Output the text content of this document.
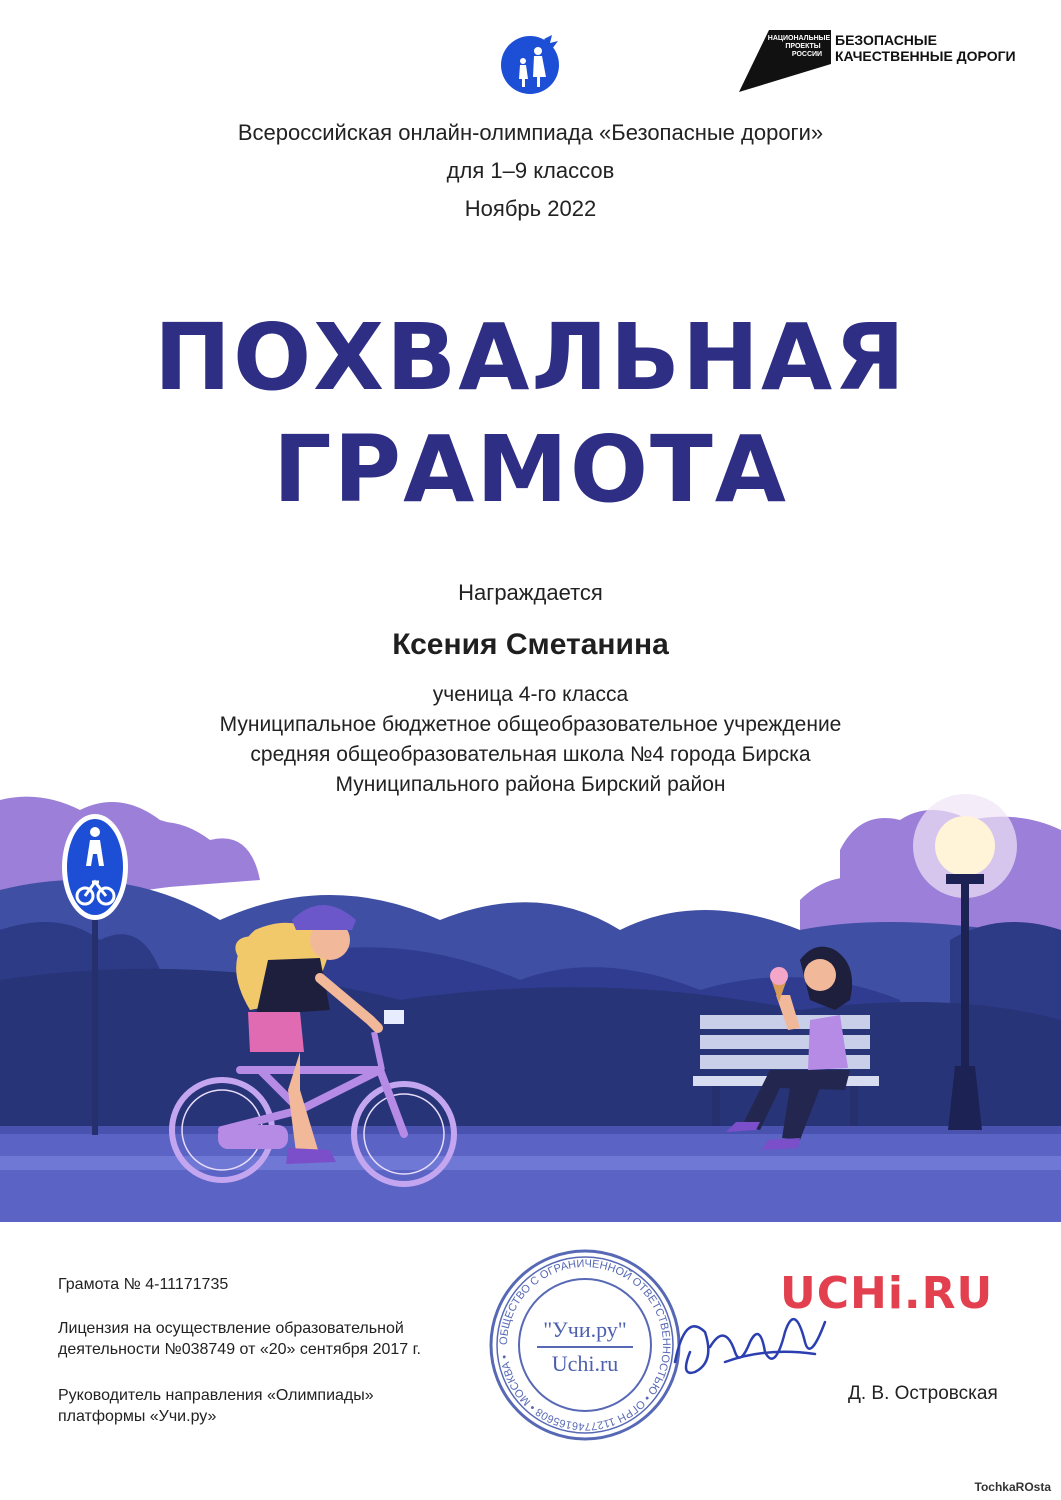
НАЦИОНАЛЬНЫЕ
ПРОЕКТЫ
РОССИИ
БЕЗОПАСНЫЕ
КАЧЕСТВЕННЫЕ ДОРОГИ
Всероссийская онлайн-олимпиада «Безопасные дороги»
для 1–9 классов
Ноябрь 2022
ПОХВАЛЬНАЯ
ГРАМОТА
Награждается
Ксения Сметанина
ученица 4-го класса
Муниципальное бюджетное общеобразовательное учреждение
средняя общеобразовательная школа №4 города Бирска
Муниципального района Бирский район
Грамота № 4-11171735
Лицензия на осуществление образовательной
деятельности №038749 от «20» сентября 2017 г.
Руководитель направления «Олимпиады»
платформы «Учи.ру»
ОБЩЕСТВО С ОГРАНИЧЕННОЙ ОТВЕТСТВЕННОСТЬЮ • ОГРН 1127746165608 • МОСКВА •
"Учи.ру"
Uchi.ru
UCHi.RU
Д. В. Островская
TochkaROsta
